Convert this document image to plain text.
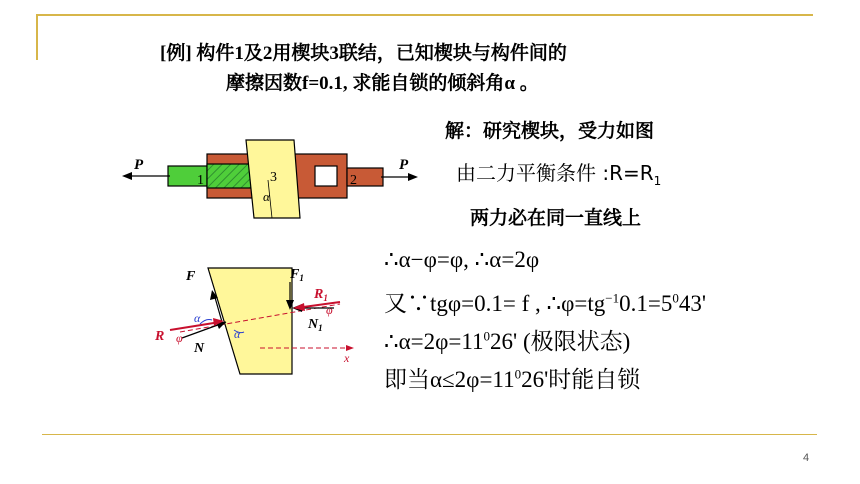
[例] 构件1及2用楔块3联结，已知楔块与构件间的
摩擦因数f=0.1, 求能自锁的倾斜角α 。
解：研究楔块，受力如图
由二力平衡条件 $:R=R_1$
两力必在同一直线上
∴α−φ=φ, ∴α=2φ
又∵tgφ=0.1= f , $\therefore\varphi=tg^{-1}0.1=5^043'$
$\therefore\alpha=2\varphi=11^026'$ (极限状态)
即当$\alpha\le 2\varphi=11^026'$时能自锁
4
P	P
1	2
3
α
F	$F_1$
$R_1$
$N_1$
R
N
α
α
φ
φ
x
